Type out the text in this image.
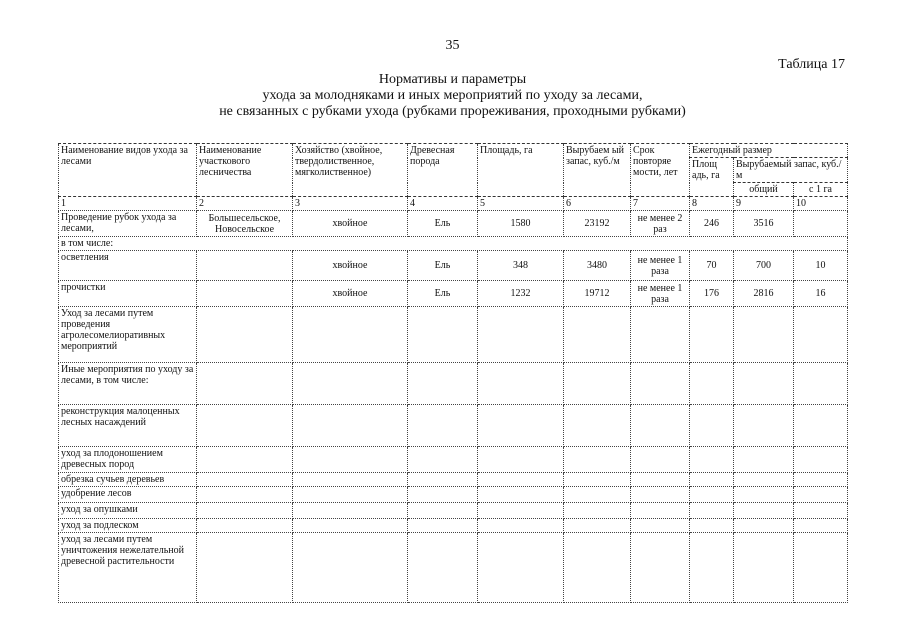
35
Таблица 17
Нормативы и параметры
ухода за молодняками и иных мероприятий по уходу за лесами,
не связанных с рубками ухода (рубками прореживания, проходными рубками)
Наименование видов ухода за лесами	Наименование участкового лесничества	Хозяйство (хвойное, твердолиственное, мягколиственное)	Древесная порода	Площадь, га	Вырубаем ый запас, куб./м	Срок повторяе мости, лет	Ежегодный размер		
							Площ адь, га	Вырубаемый запас, куб./м	
								общий	с 1 га
1	2	3	4	5	6	7	8	9	10
Проведение рубок ухода за лесами,	Большесельское, Новосельское	хвойное	Ель	1580	23192	не менее 2 раз	246	3516	
в том числе:									
осветления		хвойное	Ель	348	3480	не менее 1 раза	70	700	10
прочистки		хвойное	Ель	1232	19712	не менее 1 раза	176	2816	16
Уход за лесами путем проведения агролесомелиоративных мероприятий									
Иные мероприятия по уходу за лесами, в том числе:									
реконструкция малоценных лесных насаждений									
уход за плодоношением древесных пород									
обрезка сучьев деревьев									
удобрение лесов									
уход за опушками									
уход за подлеском									
уход за лесами путем уничтожения нежелательной древесной растительности									
